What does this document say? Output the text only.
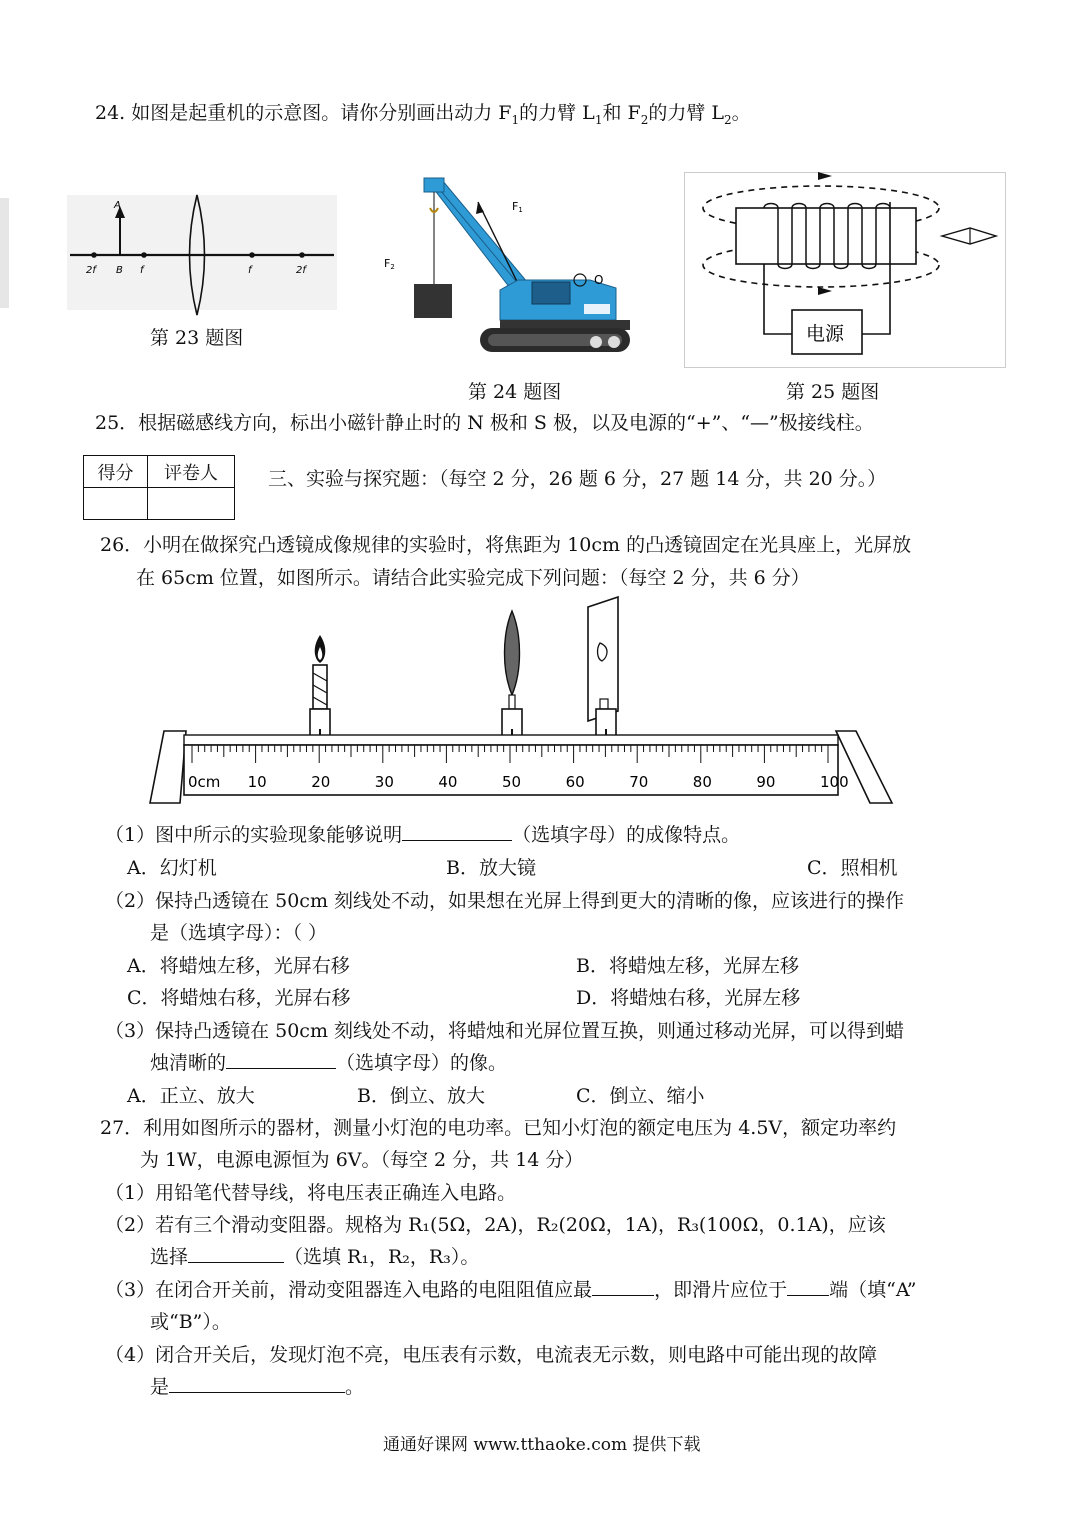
24. 如图是起重机的示意图。请你分别画出动力 $F_1$的力臂 $L_1$和 $F_2$的力臂 $L_2$。
A
2f B f	f	2f
第 23 题图
F1
F2
O
第 24 题图
电源
第 25 题图
25．根据磁感线方向，标出小磁针静止时的 N 极和 S 极，以及电源的“+”、“—”极接线柱。
得分	评卷人
		三、实验与探究题：（每空 2 分，26 题 6 分，27 题 14 分，共 20 分。）
26．小明在做探究凸透镜成像规律的实验时，将焦距为 10cm 的凸透镜固定在光具座上，光屏放
在 65cm 位置，如图所示。请结合此实验完成下列问题：（每空 2 分，共 6 分）
0cm 10	20	30	40	50	60	70	80	90	100
（1）图中所示的实验现象能够说明	（选填字母）的成像特点。
A．幻灯机	B．放大镜	C．照相机
（2）保持凸透镜在 50cm 刻线处不动，如果想在光屏上得到更大的清晰的像，应该进行的操作
是（选填字母）：（ ）
A．将蜡烛左移，光屏右移	B．将蜡烛左移，光屏左移
C．将蜡烛右移，光屏右移	D．将蜡烛右移，光屏左移
（3）保持凸透镜在 50cm 刻线处不动，将蜡烛和光屏位置互换，则通过移动光屏，可以得到蜡
烛清晰的	（选填字母）的像。
A．正立、放大	B．倒立、放大	C．倒立、缩小
27．利用如图所示的器材，测量小灯泡的电功率。已知小灯泡的额定电压为 4.5V，额定功率约
为 1W，电源电源恒为 6V。（每空 2 分，共 14 分）
（1）用铅笔代替导线，将电压表正确连入电路。
（2）若有三个滑动变阻器。规格为 R₁(5Ω，2A)，R₂(20Ω，1A)，R₃(100Ω，0.1A)，应该
选择	（选填 R₁，R₂，R₃）。
（3）在闭合开关前，滑动变阻器连入电路的电阻阻值应最	，即滑片应位于 端（填“A”
或“B”）。
（4）闭合开关后，发现灯泡不亮，电压表有示数，电流表无示数，则电路中可能出现的故障
是	。
通通好课网 www.tthaoke.com 提供下载
